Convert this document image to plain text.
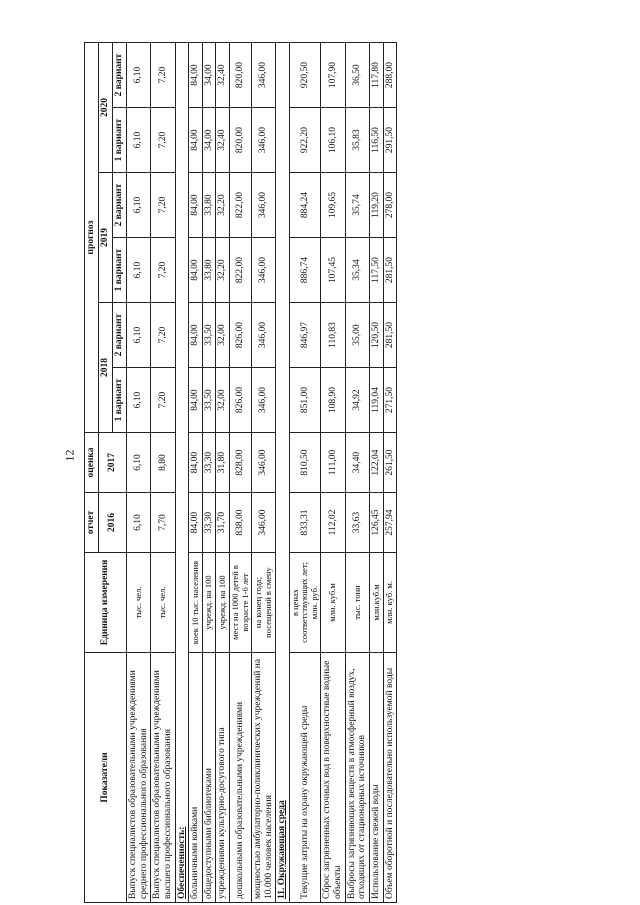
12
Показатели	Единица измерения	отчет	оценка	прогноз					
		2016	2017	2018		2019		2020	
				1 вариант	2 вариант	1 вариант	2 вариант	1 вариант	2 вариант
Выпуск специалистов образовательными учреждениями среднего профессионального образования	тыс. чел.	6,10	6,10	6,10	6,10	6,10	6,10	6,10	6,10
Выпуск специалистов образовательными учреждениями высшего профессионального образования	тыс. чел.	7,70	8,80	7,20	7,20	7,20	7,20	7,20	7,20
Обеспеченность:									
больничными койками	коек 10 тыс. населения	84,00	84,00	84,00	84,00	84,00	84,00	84,00	84,00
общедоступными библиотеками	учрежд. на 100	33,30	33,30	33,50	33,50	33,80	33,80	34,00	34,00
учреждениями культурно-досугового типа	учрежд. на 100	31,70	31,80	32,00	32,00	32,20	32,20	32,40	32,40
дошкольными образовательными учреждениями	мест на 1000 детей в возрасте 1-6 лет	838,00	828,00	826,00	826,00	822,00	822,00	820,00	820,00
мощностью амбулаторно-поликлинических учреждений на 10.000 человек населения	на конец года; посещений в смену	346,00	346,00	346,00	346,00	346,00	346,00	346,00	346,00
11. Окружающая среда									
Текущие затраты на охрану окружающей среды	в ценах соответствующих лет; млн. руб.	833,31	810,50	851,00	846,97	886,74	884,24	922,20	920,50
Сброс загрязненных сточных вод в поверхностные водные объекты	млн. куб.м	112,02	111,00	108,90	110,83	107,45	109,65	106,10	107,90
Выбросы загрязняющих веществ в атмосферный воздух, отходящих от стационарных источников	тыс. тонн	33,63	34,40	34,92	35,00	35,34	35,74	35,83	36,50
Использование свежей воды	млн.куб.м	126,45	122,04	119,04	120,50	117,50	119,20	116,50	117,80
Объем оборотной и последовательно используемой воды	млн. куб. м.	257,94	261,50	271,50	281,50	281,50	278,00	291,50	288,00
